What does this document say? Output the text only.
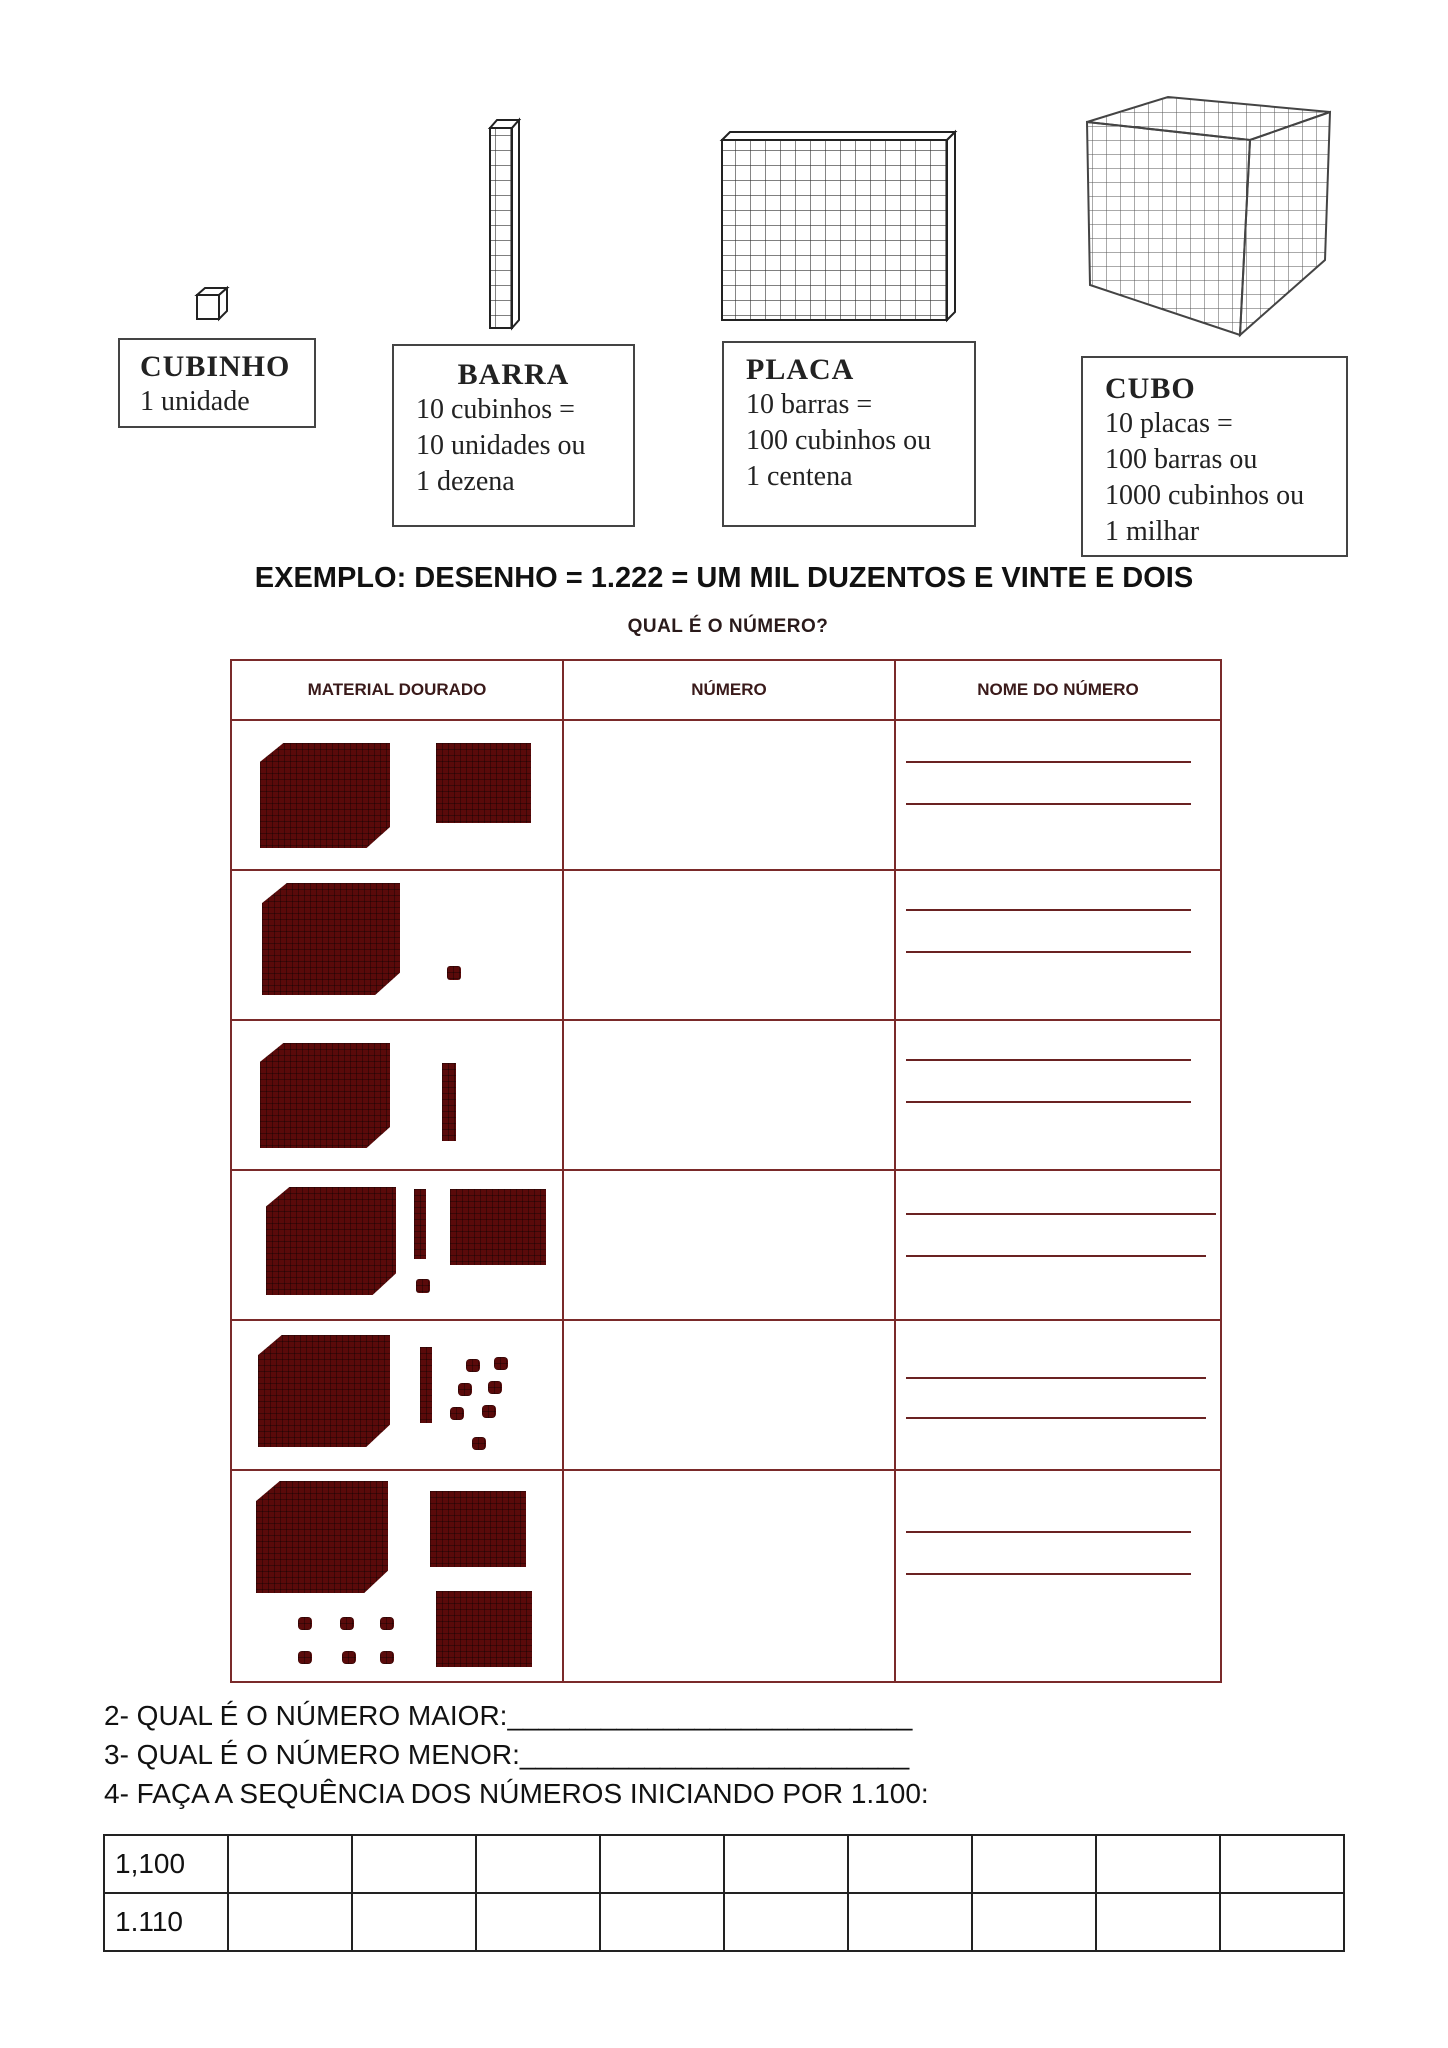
CUBINHO
1 unidade
BARRA
10 cubinhos =
10 unidades ou
1 dezena
PLACA
10 barras =
100 cubinhos ou
1 centena
CUBO
10 placas =
100 barras ou
1000 cubinhos ou
1 milhar
EXEMPLO: DESENHO = 1.222 = UM MIL DUZENTOS E VINTE E DOIS
QUAL É O NÚMERO?
MATERIAL DOURADO	NÚMERO	NOME DO NÚMERO

2- QUAL É O NÚMERO MAIOR:__________________________
3- QUAL É O NÚMERO MENOR:_________________________
4- FAÇA A SEQUÊNCIA DOS NÚMEROS INICIANDO POR 1.100:
1,100									
1.110									
